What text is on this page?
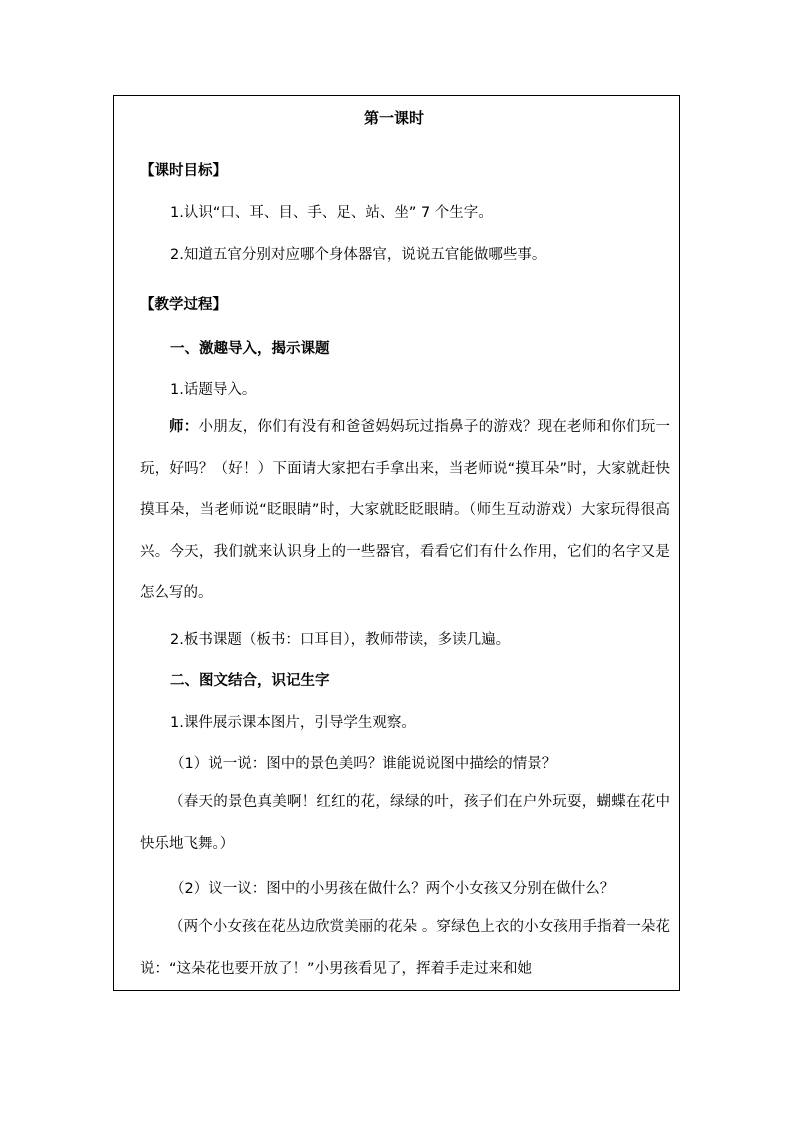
第一课时
【课时目标】
1.认识“口、耳、目、手、足、站、坐” 7 个生字。
2.知道五官分别对应哪个身体器官，说说五官能做哪些事。
【教学过程】
一、激趣导入，揭示课题
1.话题导入。
师：小朋友，你们有没有和爸爸妈妈玩过指鼻子的游戏？现在老师和你们玩一玩，好吗？（好！）下面请大家把右手拿出来，当老师说“摸耳朵”时，大家就赶快摸耳朵，当老师说“眨眼睛”时，大家就眨眨眼睛。（师生互动游戏）大家玩得很高兴。今天，我们就来认识身上的一些器官，看看它们有什么作用，它们的名字又是怎么写的。
2.板书课题（板书：口耳目），教师带读，多读几遍。
二、图文结合，识记生字
1.课件展示课本图片，引导学生观察。
（1）说一说：图中的景色美吗？谁能说说图中描绘的情景？
（春天的景色真美啊！红红的花，绿绿的叶，孩子们在户外玩耍，蝴蝶在花中快乐地飞舞。）
（2）议一议：图中的小男孩在做什么？两个小女孩又分别在做什么？
（两个小女孩在花丛边欣赏美丽的花朵 。穿绿色上衣的小女孩用手指着一朵花说：“这朵花也要开放了！”小男孩看见了，挥着手走过来和她
